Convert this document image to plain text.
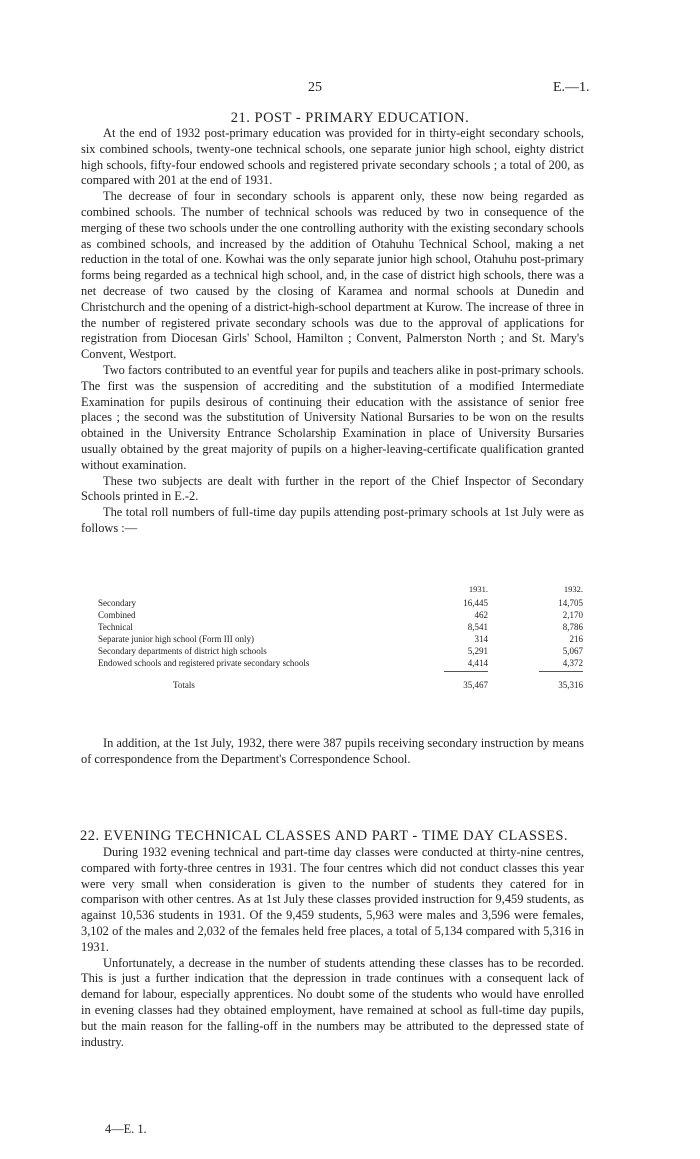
25	E.—1.
21. POST - PRIMARY EDUCATION.

At the end of 1932 post-primary education was provided for in thirty-eight secondary schools, six combined schools, twenty-one technical schools, one separate junior high school, eighty district high schools, fifty-four endowed schools and registered private secondary schools ; a total of 200, as compared with 201 at the end of 1931.

The decrease of four in secondary schools is apparent only, these now being regarded as combined schools. The number of technical schools was reduced by two in consequence of the merging of these two schools under the one controlling authority with the existing secondary schools as combined schools, and increased by the addition of Otahuhu Technical School, making a net reduction in the total of one. Kowhai was the only separate junior high school, Otahuhu post-primary forms being regarded as a technical high school, and, in the case of district high schools, there was a net decrease of two caused by the closing of Karamea and normal schools at Dunedin and Christchurch and the opening of a district-high-school department at Kurow. The increase of three in the number of registered private secondary schools was due to the approval of applications for registration from Diocesan Girls' School, Hamilton ; Convent, Palmerston North ; and St. Mary's Convent, Westport.

Two factors contributed to an eventful year for pupils and teachers alike in post-primary schools. The first was the suspension of accrediting and the substitution of a modified Intermediate Examination for pupils desirous of continuing their education with the assistance of senior free places ; the second was the substitution of University National Bursaries to be won on the results obtained in the University Entrance Scholarship Examination in place of University Bursaries usually obtained by the great majority of pupils on a higher-leaving-certificate qualification granted without examination.

These two subjects are dealt with further in the report of the Chief Inspector of Secondary Schools printed in E.-2.

The total roll numbers of full-time day pupils attending post-primary schools at 1st July were as follows :—

1931.	1932.
Secondary	16,445	14,705
Combined	462	2,170
Technical	8,541	8,786
Separate junior high school (Form III only)	314	216
Secondary departments of district high schools	5,291	5,067
Endowed schools and registered private secondary schools	4,414	4,372
Totals	35,467	35,316

In addition, at the 1st July, 1932, there were 387 pupils receiving secondary instruction by means of correspondence from the Department's Correspondence School.

22. EVENING TECHNICAL CLASSES AND PART - TIME DAY CLASSES.

During 1932 evening technical and part-time day classes were conducted at thirty-nine centres, compared with forty-three centres in 1931. The four centres which did not conduct classes this year were very small when consideration is given to the number of students they catered for in comparison with other centres. As at 1st July these classes provided instruction for 9,459 students, as against 10,536 students in 1931. Of the 9,459 students, 5,963 were males and 3,596 were females, 3,102 of the males and 2,032 of the females held free places, a total of 5,134 compared with 5,316 in 1931.

Unfortunately, a decrease in the number of students attending these classes has to be recorded. This is just a further indication that the depression in trade continues with a consequent lack of demand for labour, especially apprentices. No doubt some of the students who would have enrolled in evening classes had they obtained employment, have remained at school as full-time day pupils, but the main reason for the falling-off in the numbers may be attributed to the depressed state of industry.

4—E. 1.
